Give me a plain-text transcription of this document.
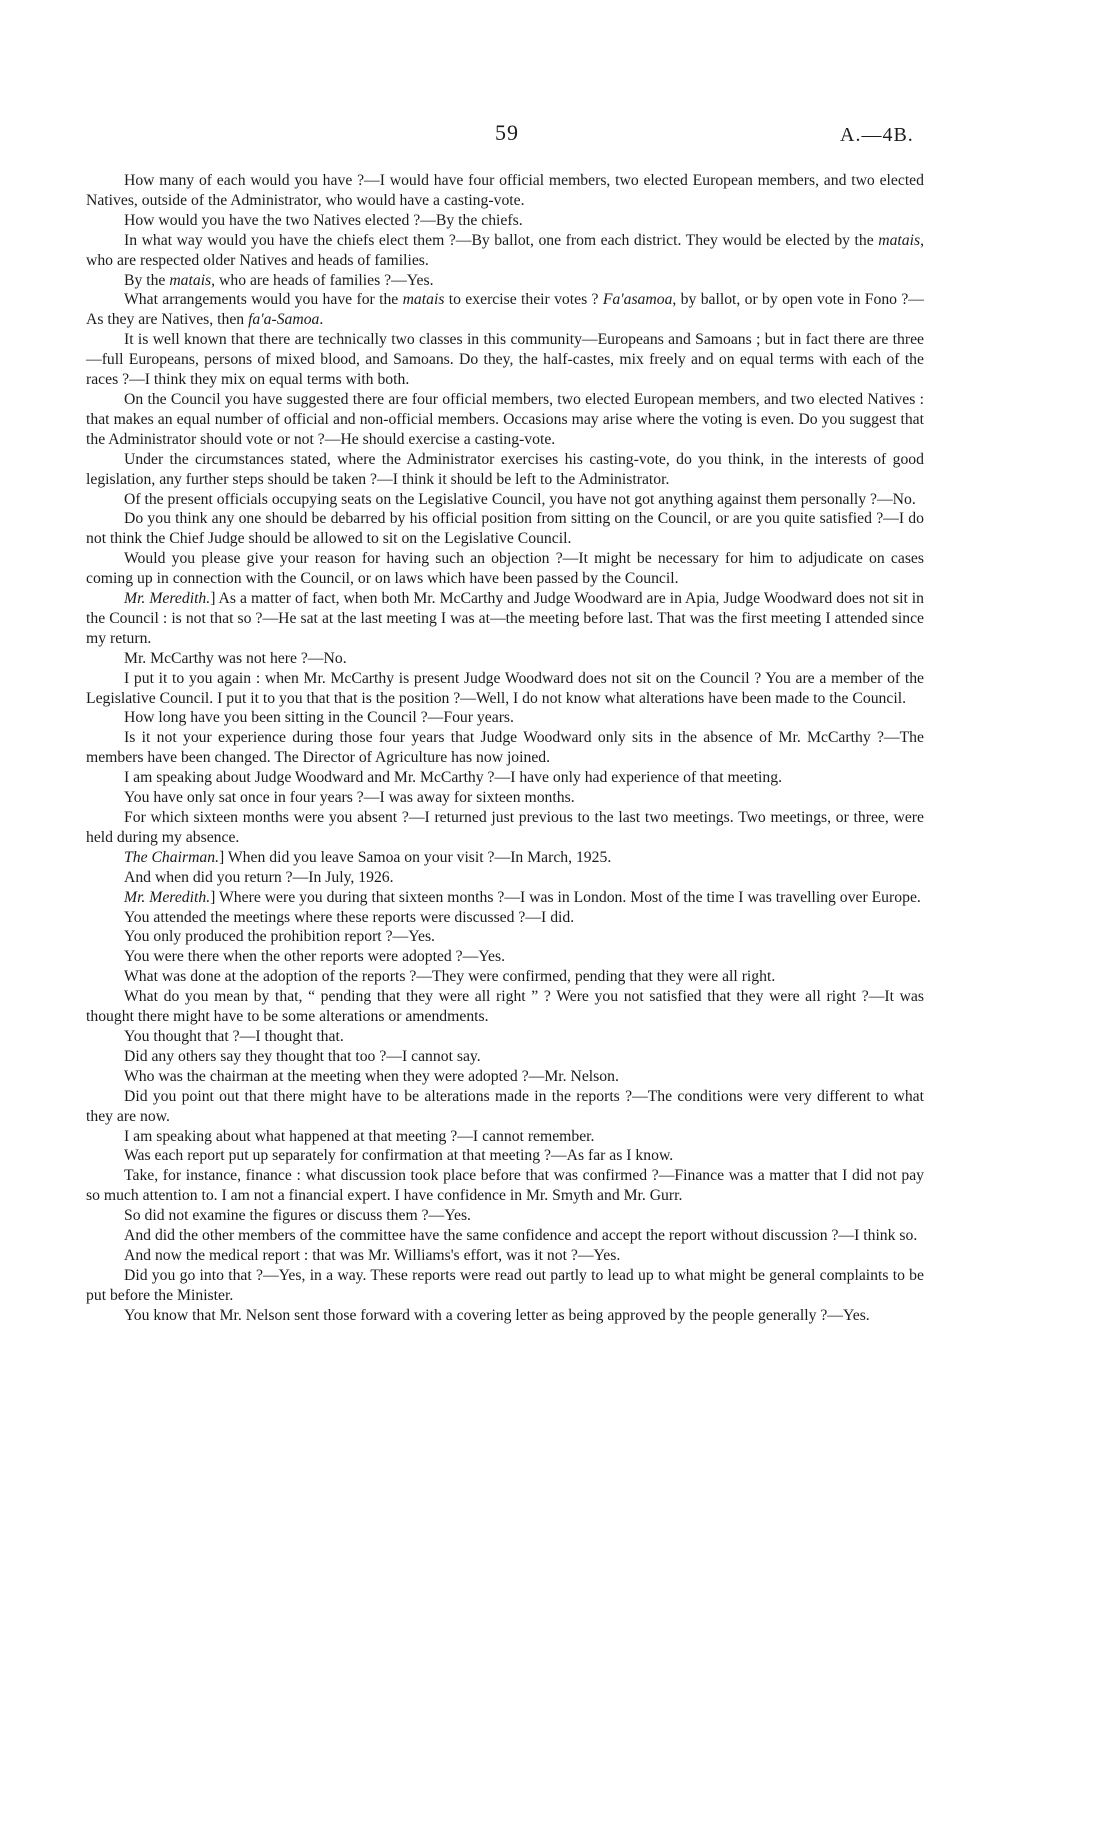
59	A.—4B.

How many of each would you have ?—I would have four official members, two elected European members, and two elected Natives, outside of the Administrator, who would have a casting-vote.

How would you have the two Natives elected ?—By the chiefs.

In what way would you have the chiefs elect them ?—By ballot, one from each district. They would be elected by the matais, who are respected older Natives and heads of families.

By the matais, who are heads of families ?—Yes.

What arrangements would you have for the matais to exercise their votes ? Fa'asamoa, by ballot, or by open vote in Fono ?—As they are Natives, then fa'a-Samoa.

It is well known that there are technically two classes in this community—Europeans and Samoans ; but in fact there are three—full Europeans, persons of mixed blood, and Samoans. Do they, the half-castes, mix freely and on equal terms with each of the races ?—I think they mix on equal terms with both.

On the Council you have suggested there are four official members, two elected European members, and two elected Natives : that makes an equal number of official and non-official members. Occasions may arise where the voting is even. Do you suggest that the Administrator should vote or not ?—He should exercise a casting-vote.

Under the circumstances stated, where the Administrator exercises his casting-vote, do you think, in the interests of good legislation, any further steps should be taken ?—I think it should be left to the Administrator.

Of the present officials occupying seats on the Legislative Council, you have not got anything against them personally ?—No.

Do you think any one should be debarred by his official position from sitting on the Council, or are you quite satisfied ?—I do not think the Chief Judge should be allowed to sit on the Legislative Council.

Would you please give your reason for having such an objection ?—It might be necessary for him to adjudicate on cases coming up in connection with the Council, or on laws which have been passed by the Council.

Mr. Meredith.] As a matter of fact, when both Mr. McCarthy and Judge Woodward are in Apia, Judge Woodward does not sit in the Council : is not that so ?—He sat at the last meeting I was at—the meeting before last. That was the first meeting I attended since my return.

Mr. McCarthy was not here ?—No.

I put it to you again : when Mr. McCarthy is present Judge Woodward does not sit on the Council ? You are a member of the Legislative Council. I put it to you that that is the position ?—Well, I do not know what alterations have been made to the Council.

How long have you been sitting in the Council ?—Four years.

Is it not your experience during those four years that Judge Woodward only sits in the absence of Mr. McCarthy ?—The members have been changed. The Director of Agriculture has now joined.

I am speaking about Judge Woodward and Mr. McCarthy ?—I have only had experience of that meeting.

You have only sat once in four years ?—I was away for sixteen months.

For which sixteen months were you absent ?—I returned just previous to the last two meetings. Two meetings, or three, were held during my absence.

The Chairman.] When did you leave Samoa on your visit ?—In March, 1925.

And when did you return ?—In July, 1926.

Mr. Meredith.] Where were you during that sixteen months ?—I was in London. Most of the time I was travelling over Europe.

You attended the meetings where these reports were discussed ?—I did.

You only produced the prohibition report ?—Yes.

You were there when the other reports were adopted ?—Yes.

What was done at the adoption of the reports ?—They were confirmed, pending that they were all right.

What do you mean by that, “ pending that they were all right ” ? Were you not satisfied that they were all right ?—It was thought there might have to be some alterations or amendments.

You thought that ?—I thought that.

Did any others say they thought that too ?—I cannot say.

Who was the chairman at the meeting when they were adopted ?—Mr. Nelson.

Did you point out that there might have to be alterations made in the reports ?—The conditions were very different to what they are now.

I am speaking about what happened at that meeting ?—I cannot remember.

Was each report put up separately for confirmation at that meeting ?—As far as I know.

Take, for instance, finance : what discussion took place before that was confirmed ?—Finance was a matter that I did not pay so much attention to. I am not a financial expert. I have confidence in Mr. Smyth and Mr. Gurr.

So did not examine the figures or discuss them ?—Yes.

And did the other members of the committee have the same confidence and accept the report without discussion ?—I think so.

And now the medical report : that was Mr. Williams's effort, was it not ?—Yes.

Did you go into that ?—Yes, in a way. These reports were read out partly to lead up to what might be general complaints to be put before the Minister.

You know that Mr. Nelson sent those forward with a covering letter as being approved by the people generally ?—Yes.
